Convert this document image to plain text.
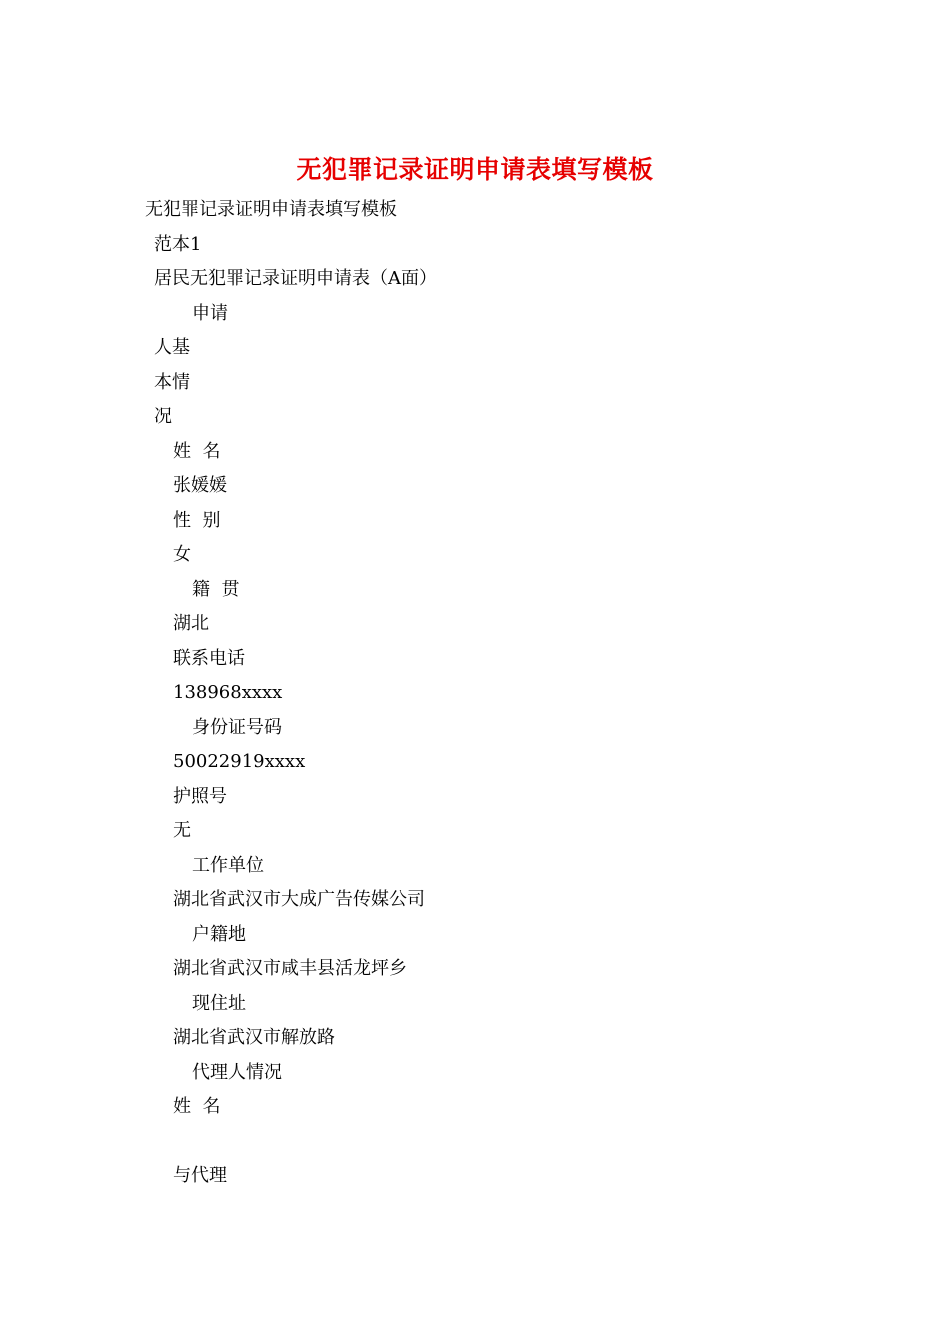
无犯罪记录证明申请表填写模板
无犯罪记录证明申请表填写模板
范本1
居民无犯罪记录证明申请表（A面）
申请
人基
本情
况
姓  名
张媛媛
性  别
女
籍  贯
湖北
联系电话
138968xxxx
身份证号码
50022919xxxx
护照号
无
工作单位
湖北省武汉市大成广告传媒公司
户籍地
湖北省武汉市咸丰县活龙坪乡
现住址
湖北省武汉市解放路
代理人情况
姓  名
与代理
